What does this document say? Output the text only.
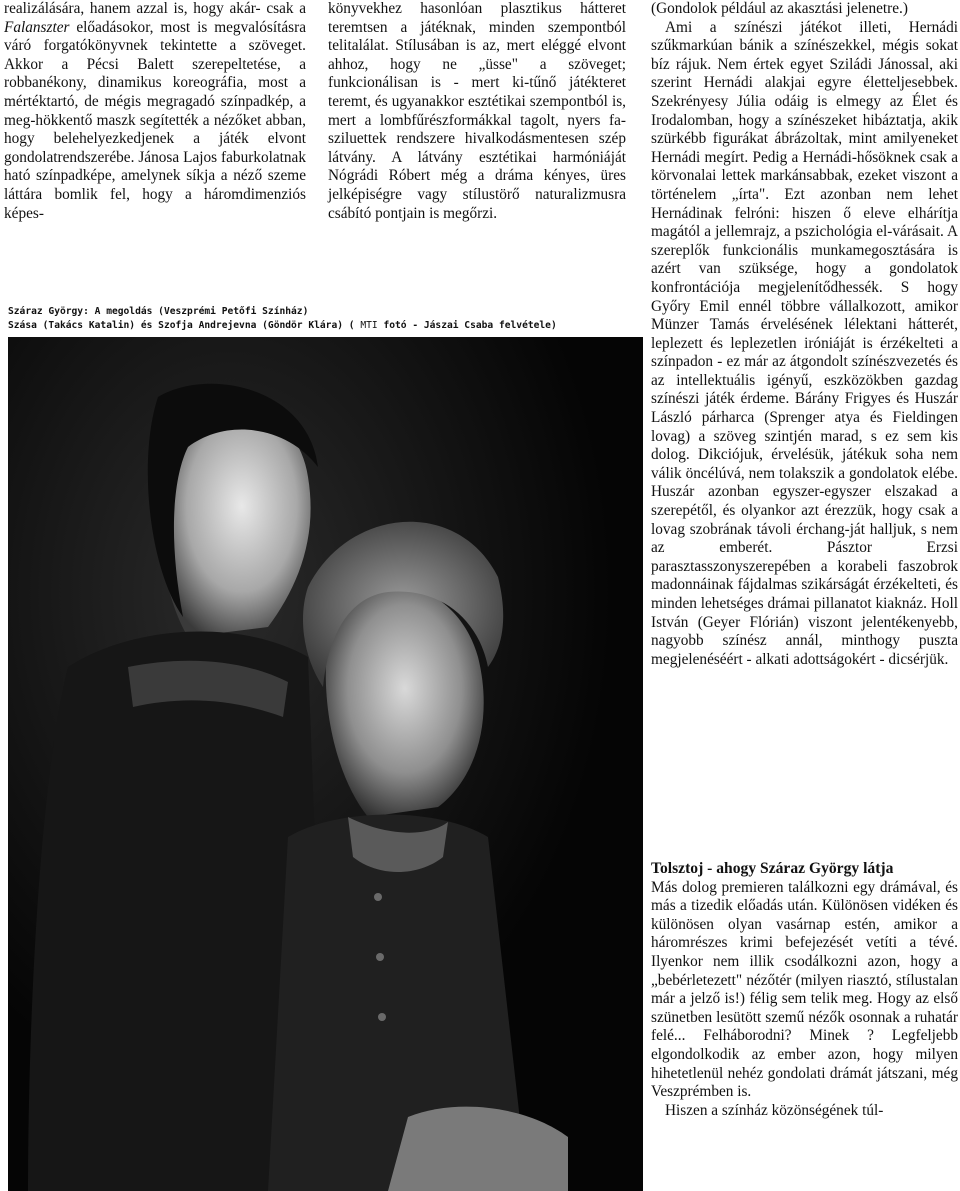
realizálására, hanem azzal is, hogy akár- csak a Falanszter előadásokor, most is megvalósításra váró forgatókönyvnek tekintette a szöveget. Akkor a Pécsi Balett szerepeltetése, a robbanékony, dinamikus koreográfia, most a mértéktartó, de mégis megragadó színpadkép, a meg-hökkentő maszk segítették a nézőket abban, hogy belehelyezkedjenek a játék elvont gondolatrendszerébe. Jánosa Lajos faburkolatnak ható színpadképe, amelynek síkja a néző szeme láttára bomlik fel, hogy a háromdimenziós képes-

könyvekhez hasonlóan plasztikus hátteret teremtsen a játéknak, minden szempontból telitalálat. Stílusában is az, mert eléggé elvont ahhoz, hogy ne „üsse" a szöveget; funkcionálisan is - mert ki-tűnő játékteret teremt, és ugyanakkor esztétikai szempontból is, mert a lombfűrészformákkal tagolt, nyers fa-sziluettek rendszere hivalkodásmentesen szép látvány. A látvány esztétikai harmóniáját Nógrádi Róbert még a dráma kényes, üres jelképiségre vagy stílustörő naturalizmusra csábító pontjain is megőrzi.

(Gondolok például az akasztási jelenetre.)

Ami a színészi játékot illeti, Hernádi szűkmarkúan bánik a színészekkel, mégis sokat bíz rájuk. Nem értek egyet Sziládi Jánossal, aki szerint Hernádi alakjai egyre életteljesebbek. Szekrényesy Júlia odáig is elmegy az Élet és Irodalomban, hogy a színészeket hibáztatja, akik szürkébb figurákat ábrázoltak, mint amilyeneket Hernádi megírt. Pedig a Hernádi-hősöknek csak a körvonalai lettek markánsabbak, ezeket viszont a történelem „írta". Ezt azonban nem lehet Hernádinak felróni: hiszen ő eleve elhárítja magától a jellemrajz, a pszichológia el-várásait. A szereplők funkcionális munkamegosztására is azért van szüksége, hogy a gondolatok konfrontációja megjelenítődhessék. S hogy Győry Emil ennél többre vállalkozott, amikor Münzer Tamás érvelésének lélektani hátterét, leplezett és leplezetlen iróniáját is érzékelteti a színpadon - ez már az átgondolt színészvezetés és az intellektuális igényű, eszközökben gazdag színészi játék érdeme. Bárány Frigyes és Huszár László párharca (Sprenger atya és Fieldingen lovag) a szöveg szintjén marad, s ez sem kis dolog. Dikciójuk, érvelésük, játékuk soha nem válik öncélúvá, nem tolakszik a gondolatok elébe. Huszár azonban egyszer-egyszer elszakad a szerepétől, és olyankor azt érezzük, hogy csak a lovag szobrának távoli érchang-ját halljuk, s nem az emberét. Pásztor Erzsi parasztasszonyszerepében a korabeli faszobrok madonnáinak fájdalmas szikárságát érzékelteti, és minden lehetséges drámai pillanatot kiaknáz. Holl István (Geyer Flórián) viszont jelentékenyebb, nagyobb színész annál, minthogy puszta megjelenéséért - alkati adottságokért - dicsérjük.

Tolsztoj - ahogy Száraz György látja

Más dolog premieren találkozni egy drámával, és más a tizedik előadás után. Különösen vidéken és különösen olyan vasárnap estén, amikor a háromrészes krimi befejezését vetíti a tévé. Ilyenkor nem illik csodálkozni azon, hogy a „bebérletezett" nézőtér (milyen riasztó, stílustalan már a jelző is!) félig sem telik meg. Hogy az első szünetben lesütött szemű nézők osonnak a ruhatár felé... Felháborodni? Minek ? Legfeljebb elgondolkodik az ember azon, hogy milyen hihetetlenül nehéz gondolati drámát játszani, még Veszprémben is.

Hiszen a színház közönségének túl-

Száraz György: A megoldás (Veszprémi Petőfi Színház)
Szása (Takács Katalin) és Szofja Andrejevna (Göndör Klára) ( MTI fotó - Jászai Csaba felvétele)
